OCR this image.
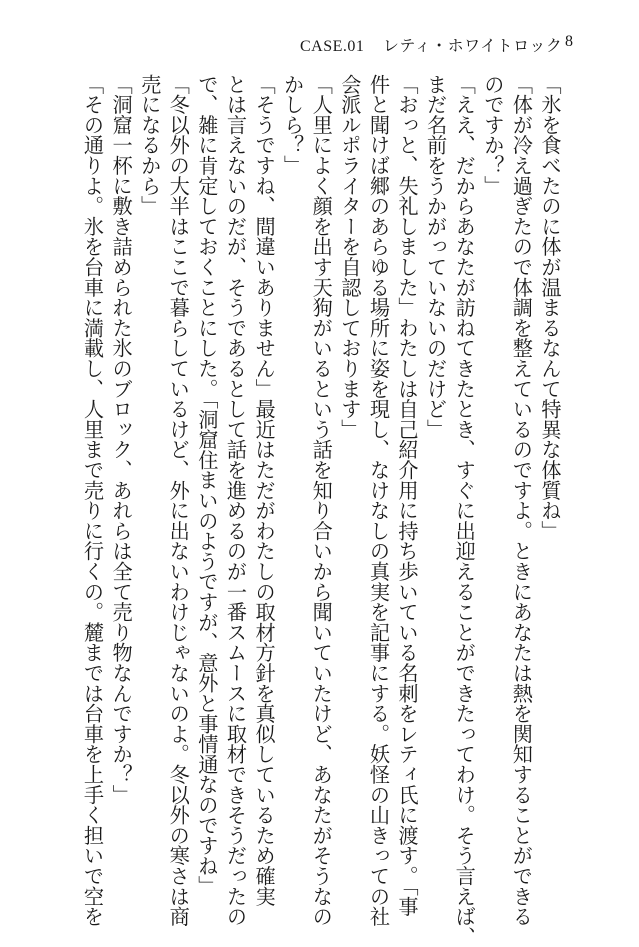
CASE.01 レティ・ホワイトロック 8
「氷を食べたのに体が温まるなんて特異な体質ね」
「体が冷え過ぎたので体調を整えているのですよ。ときにあなたは熱を関知することができる
のですか？」
「ええ、だからあなたが訪ねてきたとき、すぐに出迎えることができたってわけ。そう言えば、
まだ名前をうかがっていないのだけど」
「おっと、失礼しました」わたしは自己紹介用に持ち歩いている名刺をレティ氏に渡す。「事
件と聞けば郷のあらゆる場所に姿を現し、なけなしの真実を記事にする。妖怪の山きっての社
会派ルポライターを自認しております」
「人里によく顔を出す天狗がいるという話を知り合いから聞いていたけど、あなたがそうなの
かしら？」
「そうですね、間違いありません」最近はただがわたしの取材方針を真似しているため確実
とは言えないのだが、そうであるとして話を進めるのが一番スムースに取材できそうだったの
で、雑に肯定しておくことにした。「洞窟住まいのようですが、意外と事情通なのですね」
「冬以外の大半はここで暮らしているけど、外に出ないわけじゃないのよ。冬以外の寒さは商
売になるから」
「洞窟一杯に敷き詰められた氷のブロック、あれらは全て売り物なんですか？」
「その通りよ。氷を台車に満載し、人里まで売りに行くの。麓までは台車を上手く担いで空を
